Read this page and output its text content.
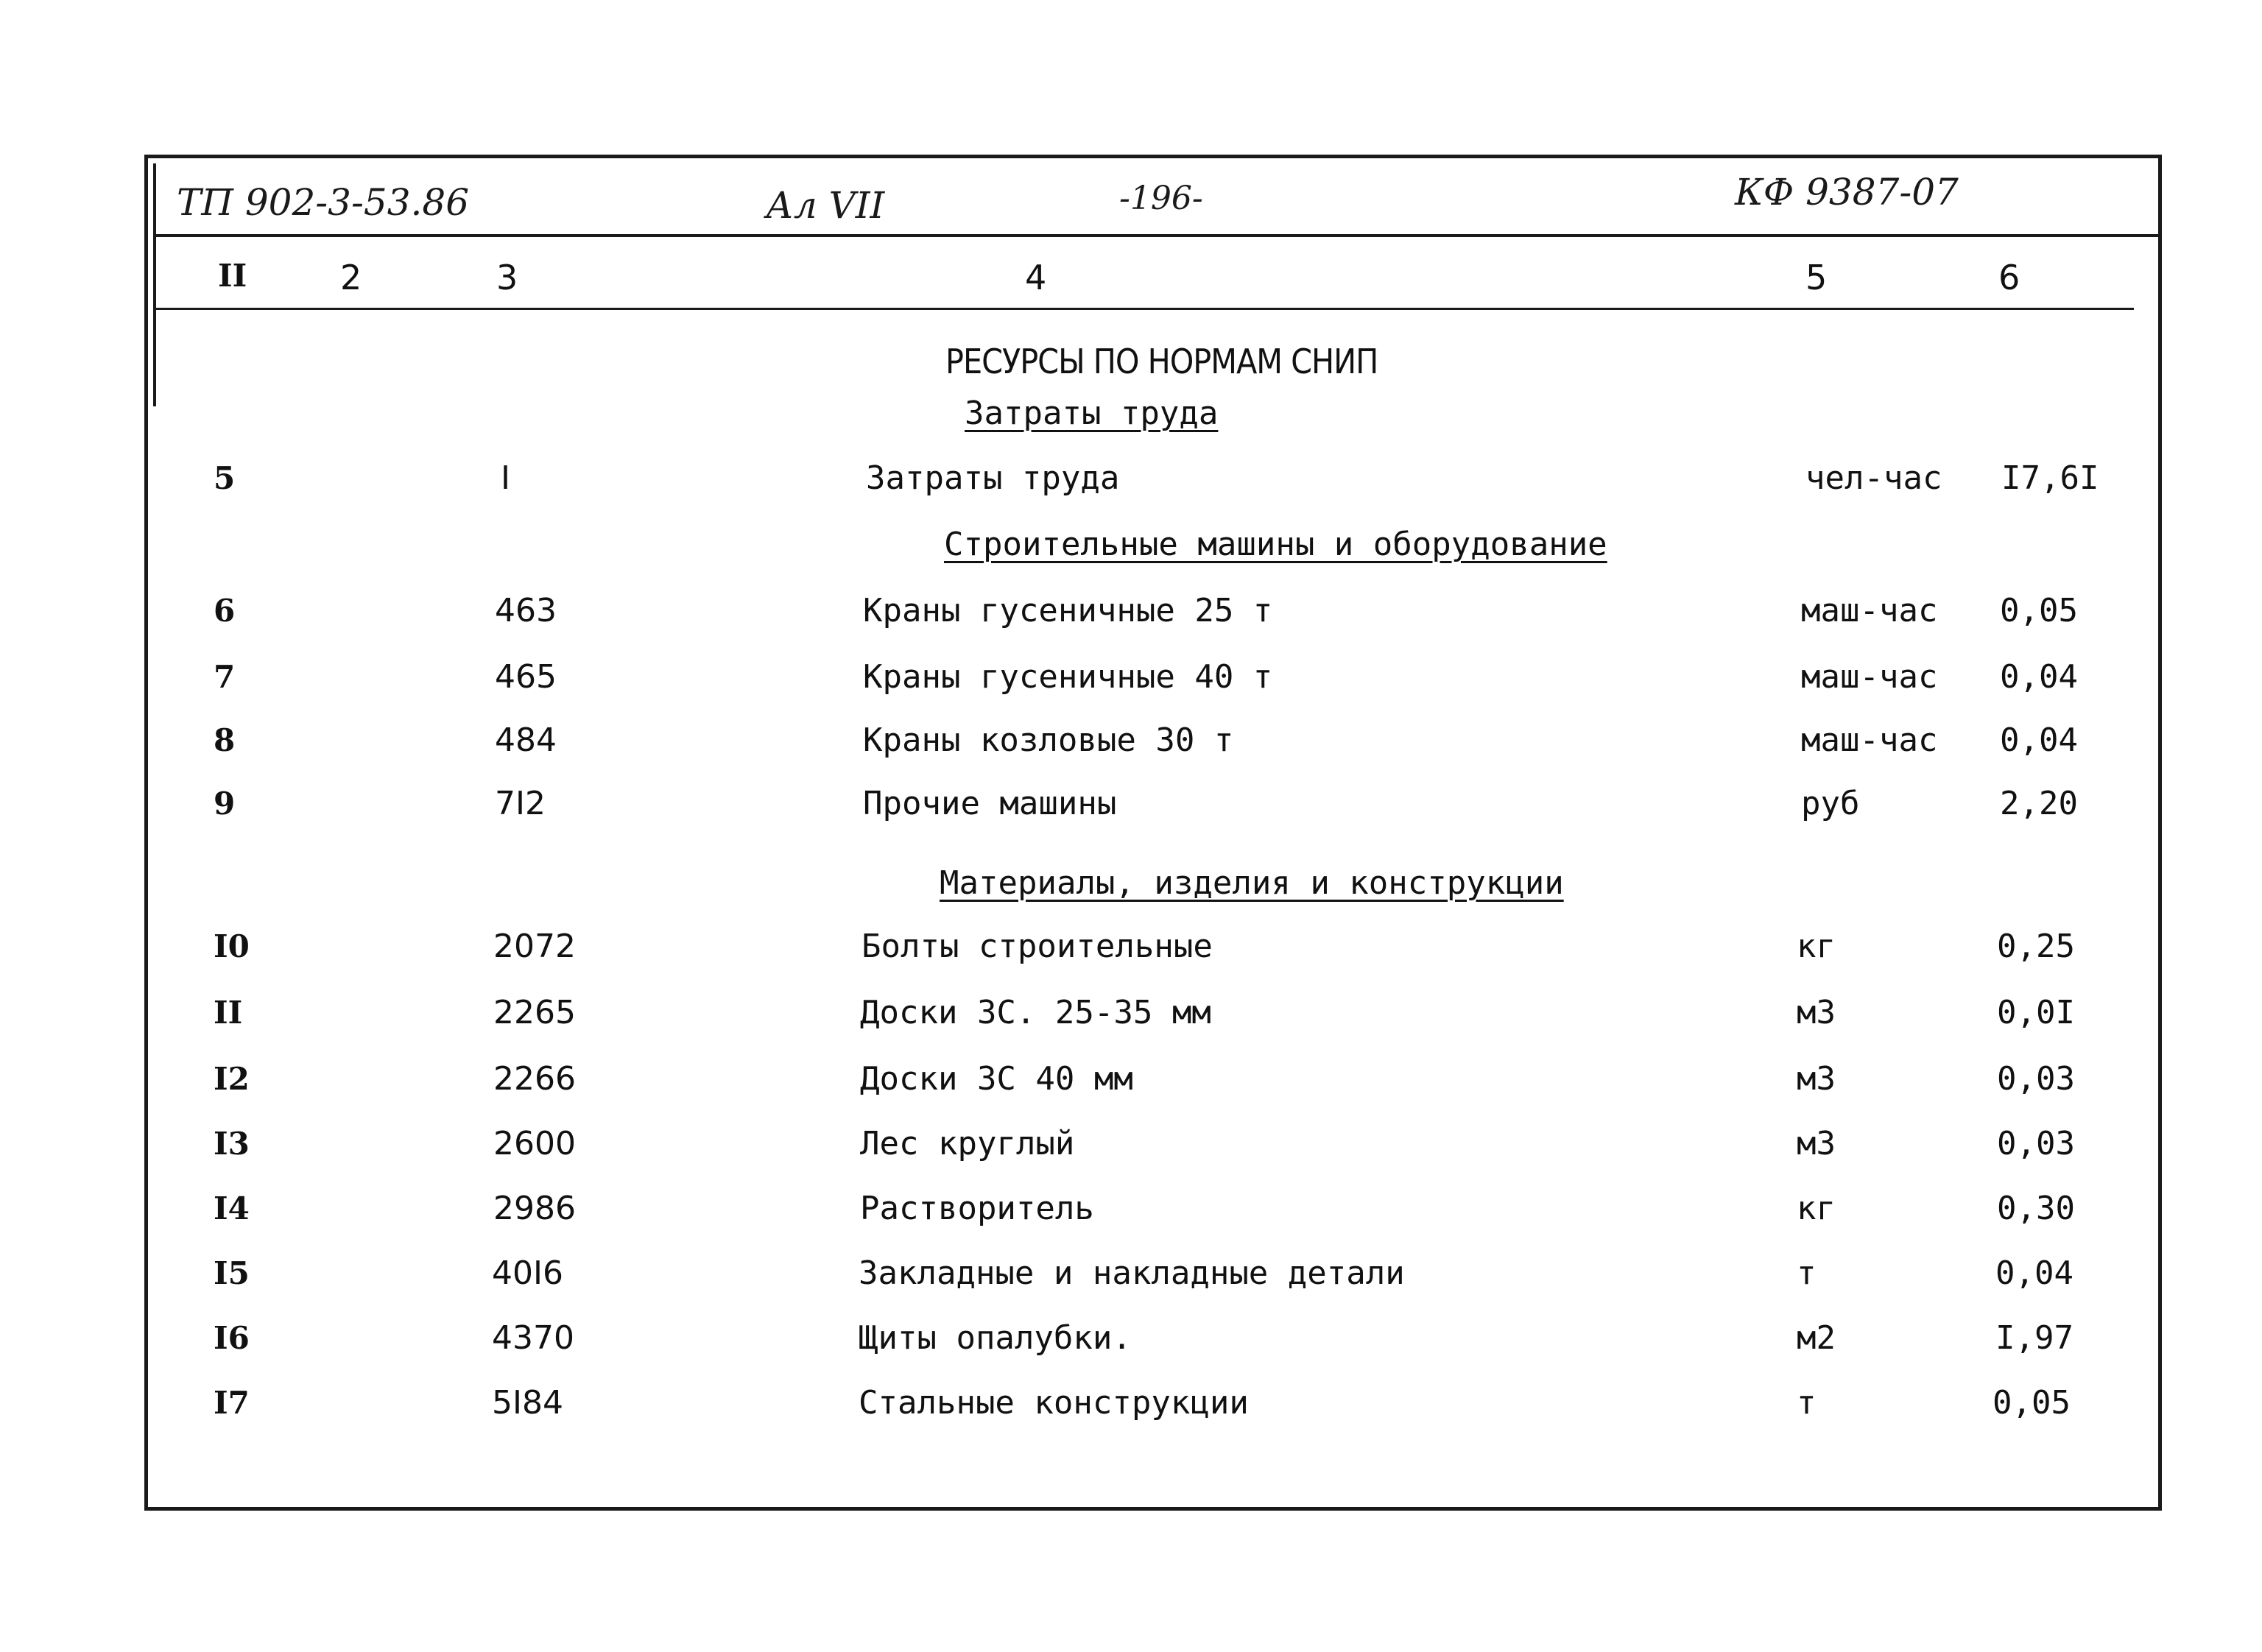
ТП 902-3-53.86	Ал VII	-196-	КФ 9387-07
II	2	3	4	5	6
РЕСУРСЫ ПО НОРМАМ СНИП
Затраты труда
5	I	Затраты труда	чел-час I7,6I
Строительные машины и оборудование
6	463	Краны гусеничные 25 т	маш-час 0,05
7	465	Краны гусеничные 40 т	маш-час 0,04
8	484	Краны козловые 30 т	маш-час 0,04
9	7I2	Прочие машины	руб	2,20
Материалы, изделия и конструкции
I0	2072	Болты строительные	кг	0,25
II	2265	Доски ЗС. 25-35 мм	м3	0,0I
I2	2266	Доски ЗС 40 мм	м3	0,03
I3	2600	Лес круглый	м3	0,03
I4	2986	Растворитель	кг	0,30
I5	40I6	Закладные и накладные детали	т	0,04
I6	4370	Щиты опалубки.	м2	I,97
I7	5I84	Стальные конструкции	т	0,05
